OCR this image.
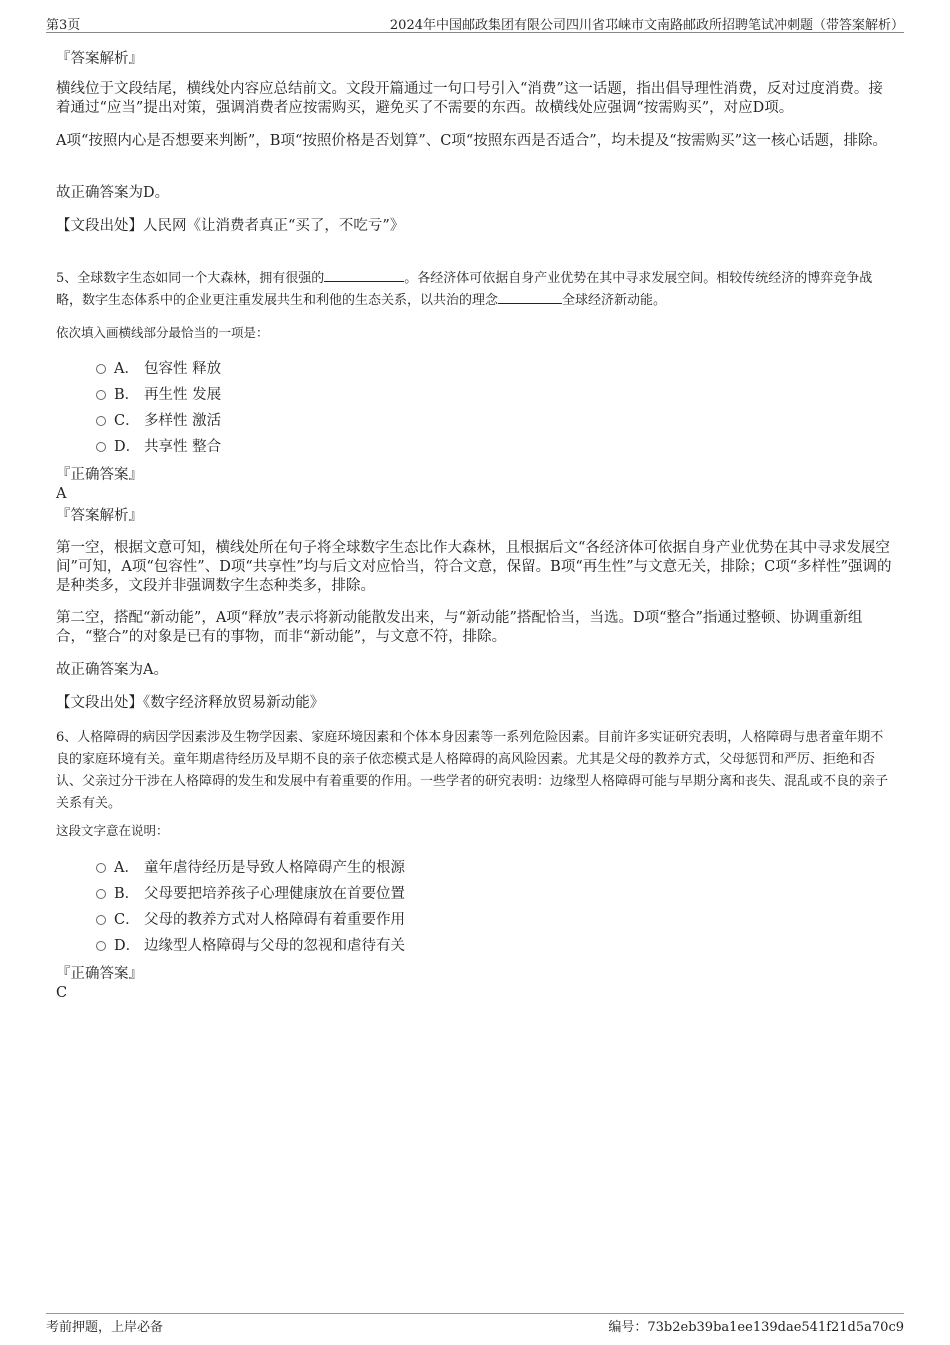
第3页	2024年中国邮政集团有限公司四川省邛崃市文南路邮政所招聘笔试冲刺题（带答案解析）
『答案解析』
横线位于文段结尾，横线处内容应总结前文。文段开篇通过一句口号引入“消费”这一话题，指出倡导理性消费，反对过度消费。接着通过“应当”提出对策，强调消费者应按需购买，避免买了不需要的东西。故横线处应强调“按需购买”，对应D项。
A项“按照内心是否想要来判断”，B项“按照价格是否划算”、C项“按照东西是否适合”，均未提及“按需购买”这一核心话题，排除。
故正确答案为D。
【文段出处】人民网《让消费者真正“买了，不吃亏”》
5、全球数字生态如同一个大森林，拥有很强的	。各经济体可依据自身产业优势在其中寻求发展空间。相较传统经济的博弈竞争战略，数字生态体系中的企业更注重发展共生和利他的生态关系，以共治的理念	全球经济新动能。
依次填入画横线部分最恰当的一项是：
A． 包容性 释放
B． 再生性 发展
C． 多样性 激活
D． 共享性 整合
『正确答案』
A
『答案解析』
第一空，根据文意可知，横线处所在句子将全球数字生态比作大森林，且根据后文“各经济体可依据自身产业优势在其中寻求发展空间”可知，A项“包容性”、D项“共享性”均与后文对应恰当，符合文意，保留。B项“再生性”与文意无关，排除；C项“多样性”强调的是种类多，文段并非强调数字生态种类多，排除。
第二空，搭配“新动能”，A项“释放”表示将新动能散发出来，与“新动能”搭配恰当，当选。D项“整合”指通过整顿、协调重新组合，“整合”的对象是已有的事物，而非“新动能”，与文意不符，排除。
故正确答案为A。
【文段出处】《数字经济释放贸易新动能》
6、人格障碍的病因学因素涉及生物学因素、家庭环境因素和个体本身因素等一系列危险因素。目前许多实证研究表明，人格障碍与患者童年期不良的家庭环境有关。童年期虐待经历及早期不良的亲子依恋模式是人格障碍的高风险因素。尤其是父母的教养方式，父母惩罚和严厉、拒绝和否认、父亲过分干涉在人格障碍的发生和发展中有着重要的作用。一些学者的研究表明：边缘型人格障碍可能与早期分离和丧失、混乱或不良的亲子关系有关。
这段文字意在说明：
A． 童年虐待经历是导致人格障碍产生的根源
B． 父母要把培养孩子心理健康放在首要位置
C． 父母的教养方式对人格障碍有着重要作用
D． 边缘型人格障碍与父母的忽视和虐待有关
『正确答案』
C
考前押题，上岸必备	编号：73b2eb39ba1ee139dae541f21d5a70c9
